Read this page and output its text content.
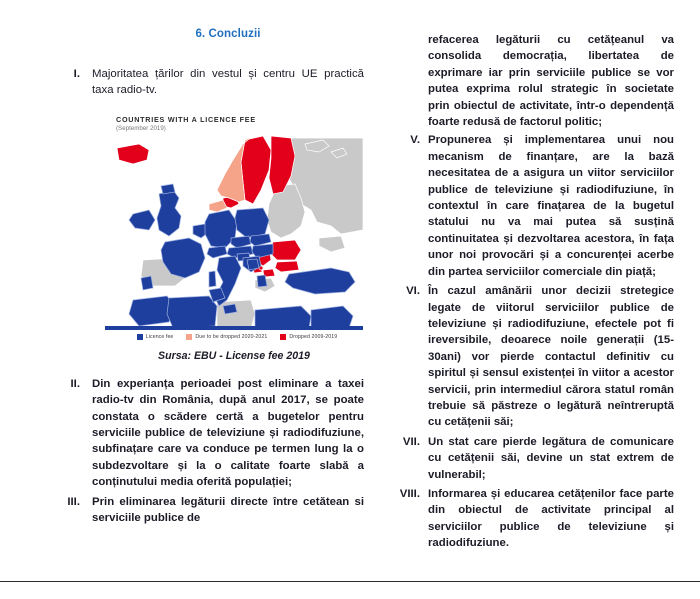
6. Concluzii
I. Majoritatea țărilor din vestul și centru UE practică taxa radio-tv.
COUNTRIES WITH A LICENCE FEE
(September 2019)
Licence fee	Due to be dropped 2020-2021	Dropped 2009-2019
Sursa: EBU - License fee 2019
II. Din experianța perioadei post eliminare a taxei radio-tv din România, după anul 2017, se poate constata o scădere certă a bugetelor pentru serviciile publice de televiziune și radiodifuziune, subfinațare care va conduce pe termen lung la o subdezvoltare și la o calitate foarte slabă a conținutului media oferită populației;
III. Prin eliminarea legăturii directe între cetătean si serviciile publice de
refacerea legăturii cu cetățeanul va consolida democrația, libertatea de exprimare iar prin serviciile publice se vor putea exprima rolul strategic în societate prin obiectul de activitate, într-o dependență foarte redusă de factorul politic;
V. Propunerea și implementarea unui nou mecanism de finanțare, are la bază necesitatea de a asigura un viitor serviciilor publice de televiziune și radiodifuziune, în contextul în care finațarea de la bugetul statului nu va mai putea să susțină continuitatea și dezvoltarea acestora, în fața unor noi provocări și a concurenței acerbe din partea serviciilor comerciale din piață;
VI. În cazul amânării unor decizii stretegice legate de viitorul serviciilor publice de televiziune și radiodifuziune, efectele pot fi ireversibile, deoarece noile generații (15-30ani) vor pierde contactul definitiv cu spiritul și sensul existenței în viitor a acestor servicii, prin intermediul cărora statul român trebuie să păstreze o legătură neîntreruptă cu cetățenii săi;
VII. Un stat care pierde legătura de comunicare cu cetățenii săi, devine un stat extrem de vulnerabil;
VIII. Informarea și educarea cetățenilor face parte din obiectul de activitate principal al serviciilor publice de televiziune și radiodifuziune.
